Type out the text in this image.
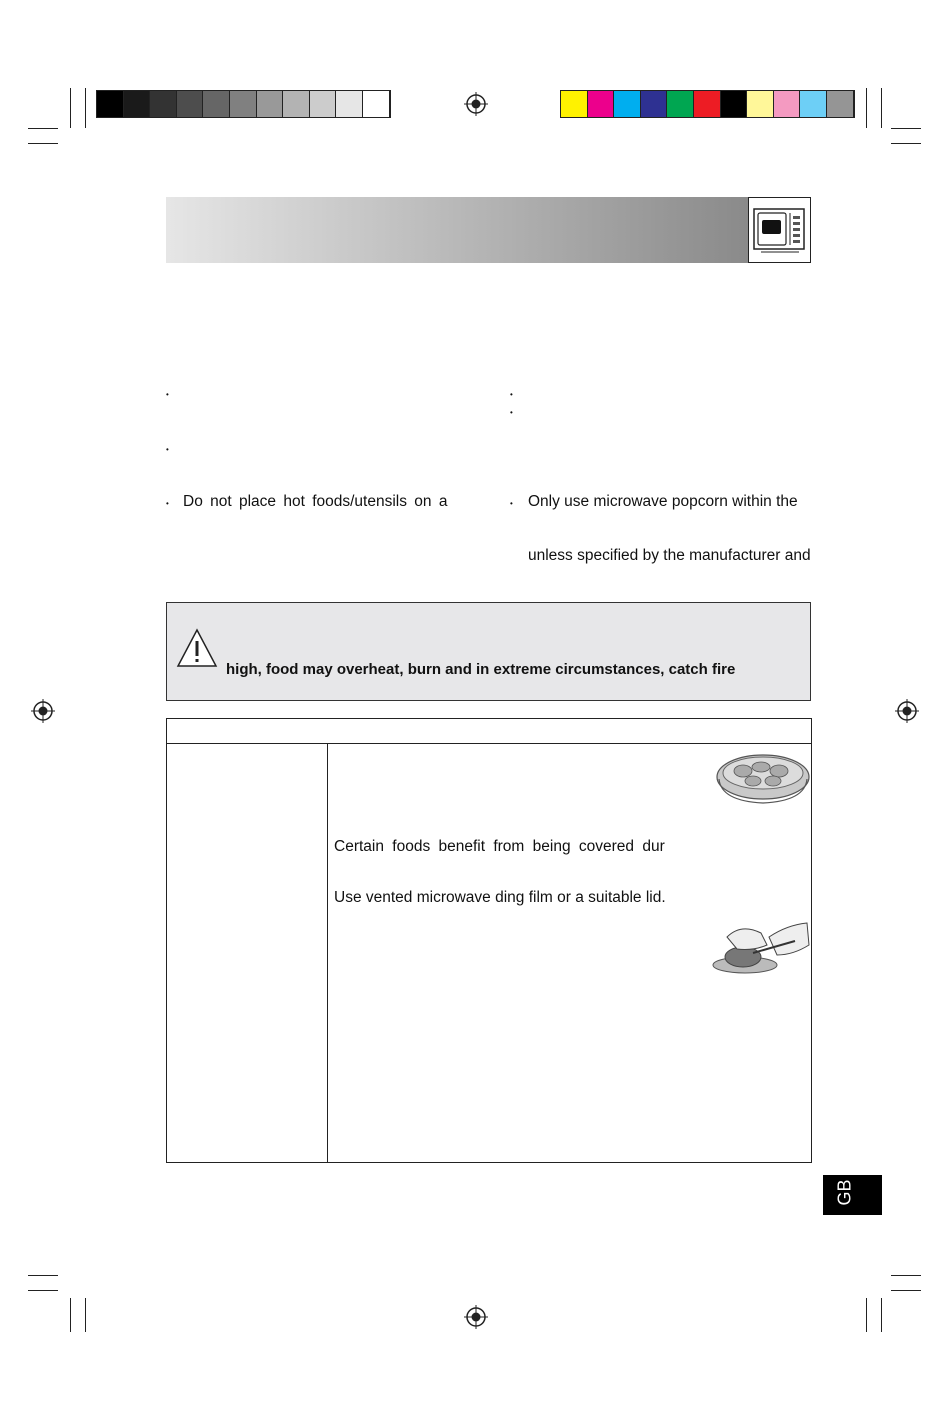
•
•
• Do not place hot foods/utensils on a
•
•
• Only use microwave popcorn within the
unless specified by the manufacturer and
high, food may overheat, burn and in extreme circumstances, catch fire
Certain foods benefit from being covered dur
Use vented microwave ding film or a suitable lid.
GB
